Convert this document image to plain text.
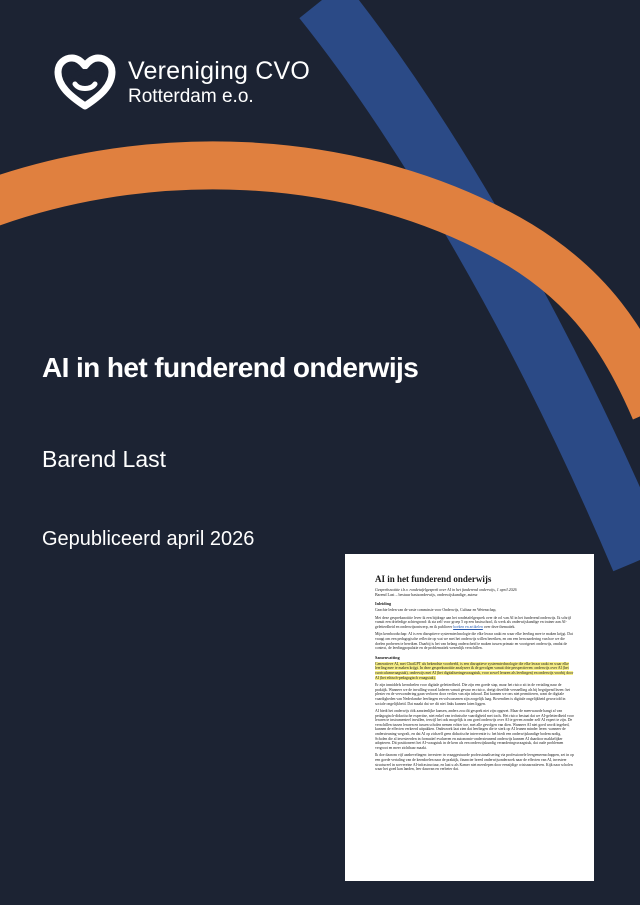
Vereniging CVO
Rotterdam e.o.
AI in het funderend onderwijs
Barend Last
Gepubliceerd april 2026
AI in het funderend onderwijs
Gespreksnotitie t.b.v. rondetafelgesprek over AI in het funderend onderwijs, 1 april 2026
Barend Last – bestuur basisonderwijs, onderwijskundige, auteur
Inleiding

Geachte leden van de vaste commissie voor Onderwijs, Cultuur en Wetenschap,

Met deze gespreksnotitie lever ik een bijdrage aan het rondetafelgesprek over de rol van AI in het funderend onderwijs. Ik schrijf vanuit een drieledige achtergrond: ik sta zelf voor groep 5 op een basisschool, ik werk als onderwijskundige en trainer aan AI-geletterdheid en onderwijsontwerp, en ik publiceer boeken en artikelen over deze thematiek.

Mijn kernboodschap: AI is een disruptieve systeemtechnologie die elke leraar raakt en waar elke leerling mee te maken krijgt. Dat vraagt om een pedagogische reflectie op wat we met het onderwijs willen bereiken, en om een herwaardering van hoe we die doelen proberen te bereiken. Daarbij is het van belang onderscheid te maken tussen primair en voortgezet onderwijs, omdat de context, de leerlingpopulatie en de problematiek wezenlijk verschillen.

Samenvatting

Generatieve AI, met ChatGPT als bekendste voorbeeld, is een disruptieve systeemtechnologie die elke leraar raakt en waar elke leerling mee te maken krijgt. In deze gespreksnotitie analyseer ik de gevolgen vanuit drie perspectieven: onderwijs over AI (het curriculumvraagstuk), onderwijs met AI (het digitaliseringsvraagstuk, voor zowel leraren als leerlingen) en onderwijs voorbij door AI (het ethisch-pedagogisch vraagstuk).

Er zijn inmiddels kerndoelen voor digitale geletterdheid. Die zijn een goede stap, maar het risico zit in de vertaling naar de praktijk. Wanneer we de invulling vooral laderen vanuit gevaar en risico, dreigt dezelfde versnelling als bij begrijpend lezen: het plezier en de verwondering gaan verloren door verlies van zijn inhoud. Dat kunnen we ons niet permitteren, want de digitale vaardigheden van Nederlandse leerlingen en volwassenen zijn zorgelijk laag. Bovendien is digitale ongelijkheid gewortold in sociale ongelijkheid. Dat maakt dat we dit niet links kunnen laten liggen.

AI biedt het onderwijs óók aanzienlijke kansen, anders zou dit gesprek niet zijn opgezet. Maar de meerwaarde hangt af van pedagogisch-didactische expertise, niet enkel van technische vaardigheid met tools. Het risico bestaat dat we AI-geletterdheid voor leraren te instrumenteel invullen, terwijl het ook mogelijk is om goed onderwijs over AI te geven zonder zelf AI expert te zijn. De verschillen tussen leraren en tussen scholen nemen echter toe, met alle gevolgen van dien. Wanneer AI niet goed wordt ingebed, kunnen de effecten verkeerd uitpakken. Onderzoek laat zien dat leerlingen die te sterk op AI leunen minder leren: wanneer de ondersteuning wegvalt, en dat AI op zichzelf geen didactische interventie is: het biedt een onderwijskundige bodem nodig. Scholen die al investeerden in formatief evalueren en autonomie-ondersteunend onderwijs kunnen AI daardoor makkelijker adopteren. Dit positioneert het AI-vraagstuk in de kern als een onderwijskundig veranderingsvraagstuk, dat oude problemen vergroot en meer zichtbaar maakt.

Ik doe daarom vijf aanbevelingen: investeer in vraaggestuurde professionalisering via professionele leergemeenschappen, zet in op een goede vertaling van de kerndoelen naar de praktijk, financier breed onderwijsonderzoek naar de effecten van AI, investeer structureel in soevereine AI-infrastructuur, en laat u als Kamer niet meeslepen door eenzijdige crisisnarratieven. Kijk naar scholen waar het goed kan landen, leer daarvan en verbeter dat.
